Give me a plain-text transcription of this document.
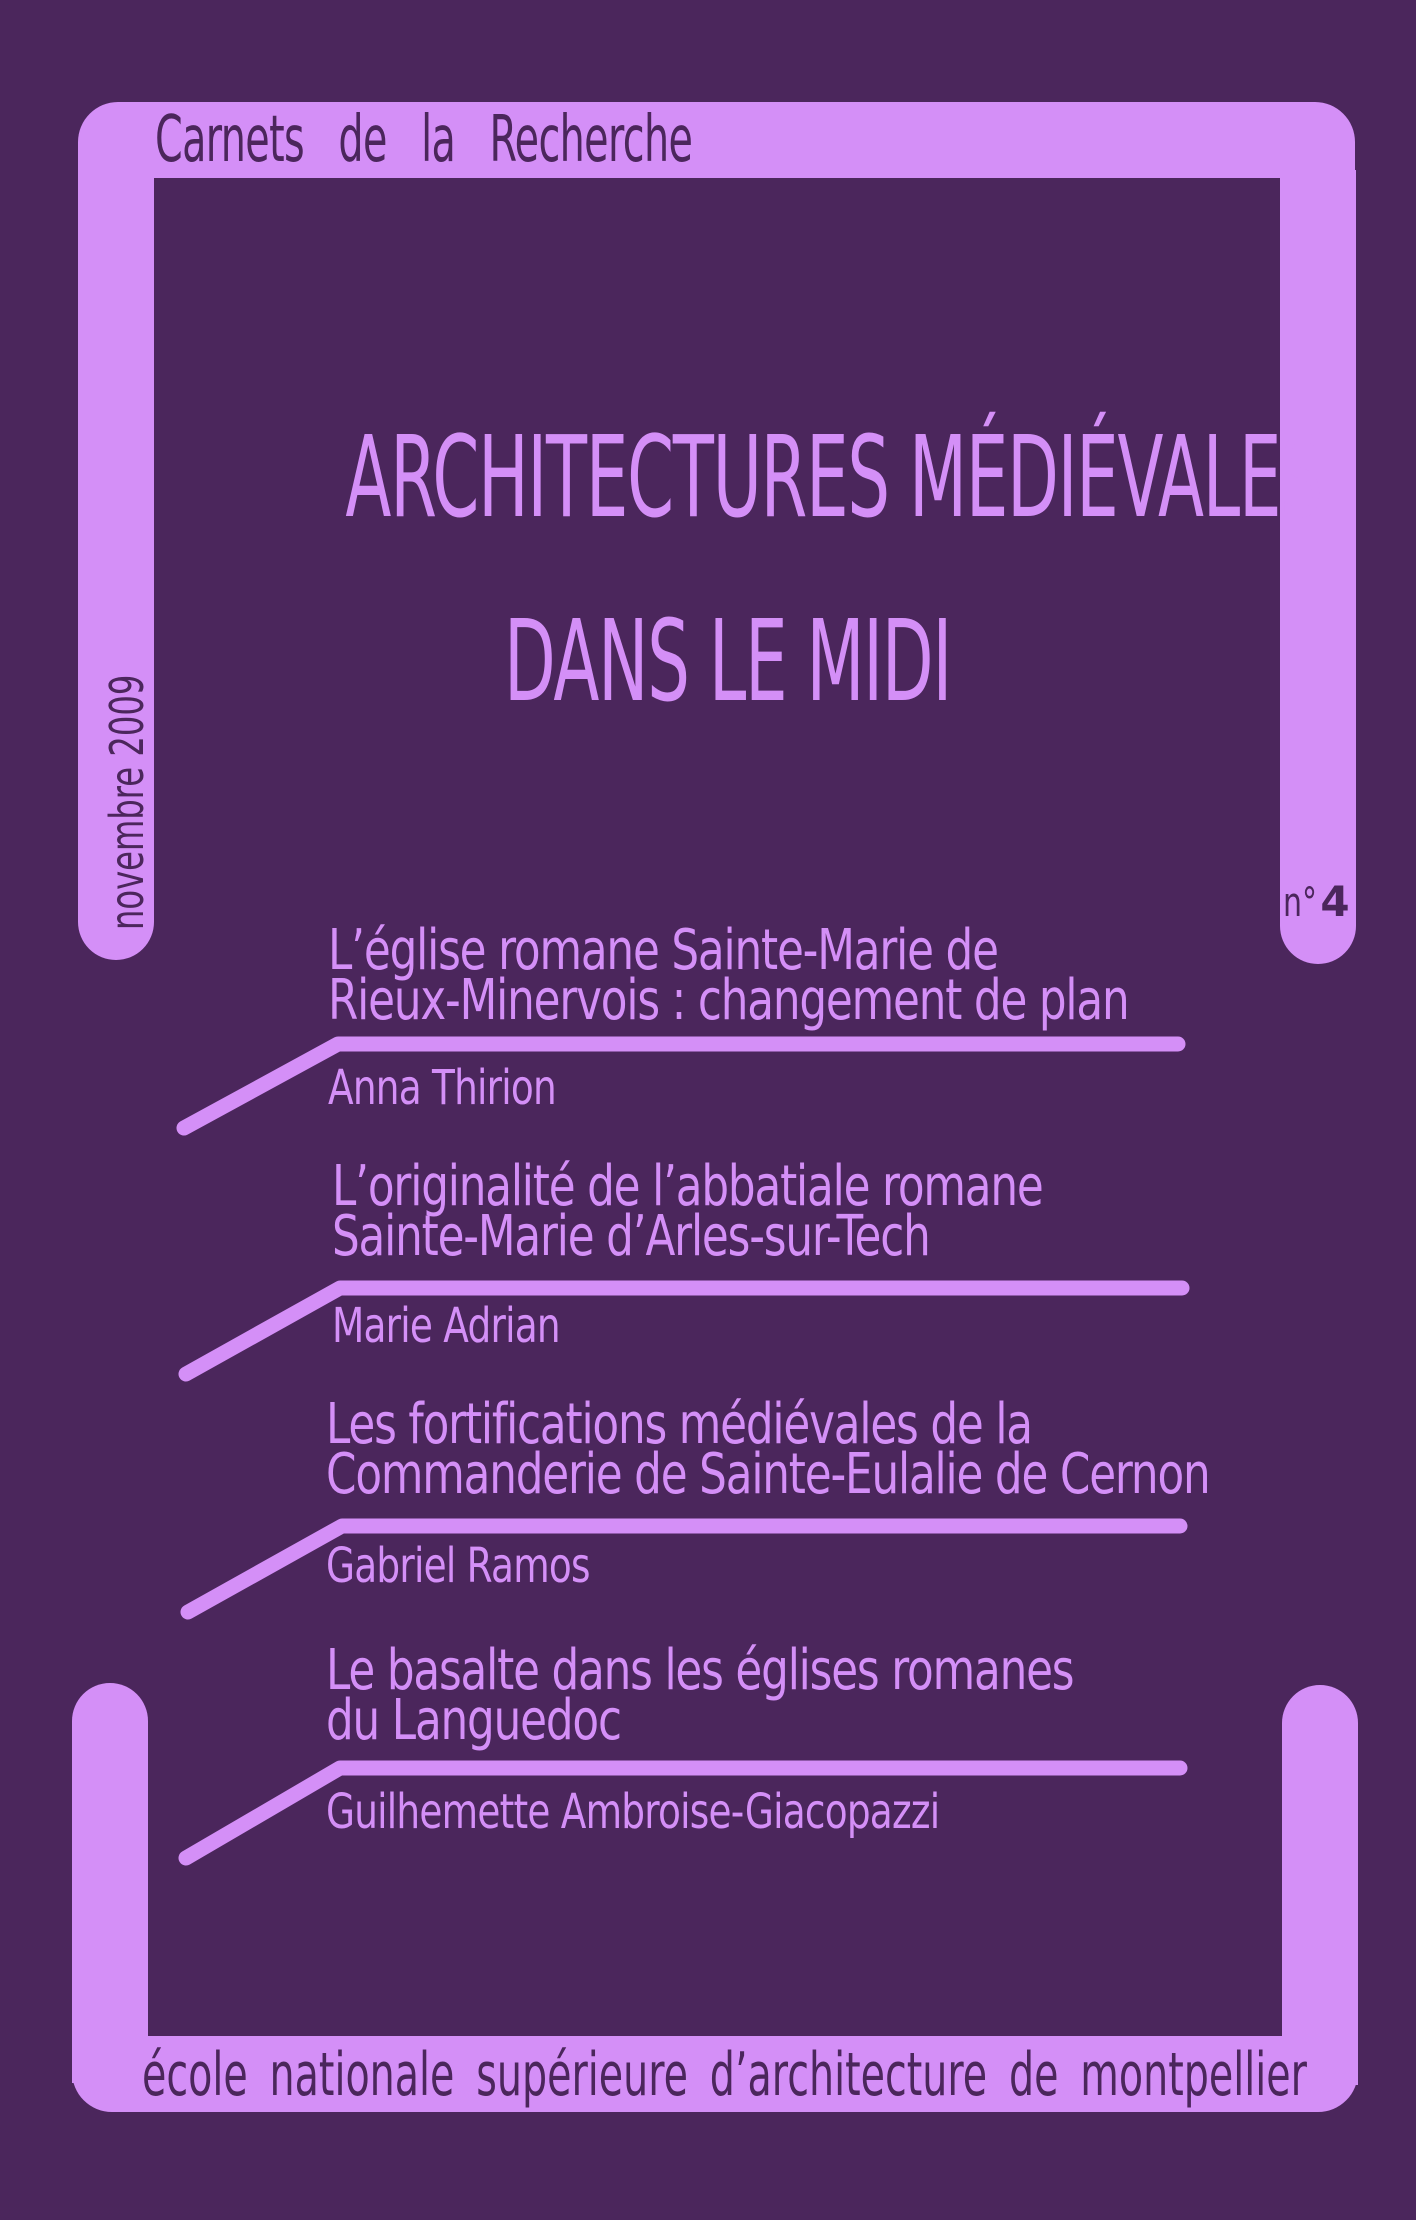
Carnets de la Recherche
novembre 2009	n°4
ARCHITECTURES MÉDIÉVALES
DANS LE MIDI
L’église romane Sainte-Marie de
Rieux-Minervois : changement de plan
Anna Thirion
L’originalité de l’abbatiale romane
Sainte-Marie d’Arles-sur-Tech
Marie Adrian
Les fortifications médiévales de la
Commanderie de Sainte-Eulalie de Cernon
Gabriel Ramos
Le basalte dans les églises romanes
du Languedoc
Guilhemette Ambroise-Giacopazzi
école nationale supérieure d’architecture de montpellier
